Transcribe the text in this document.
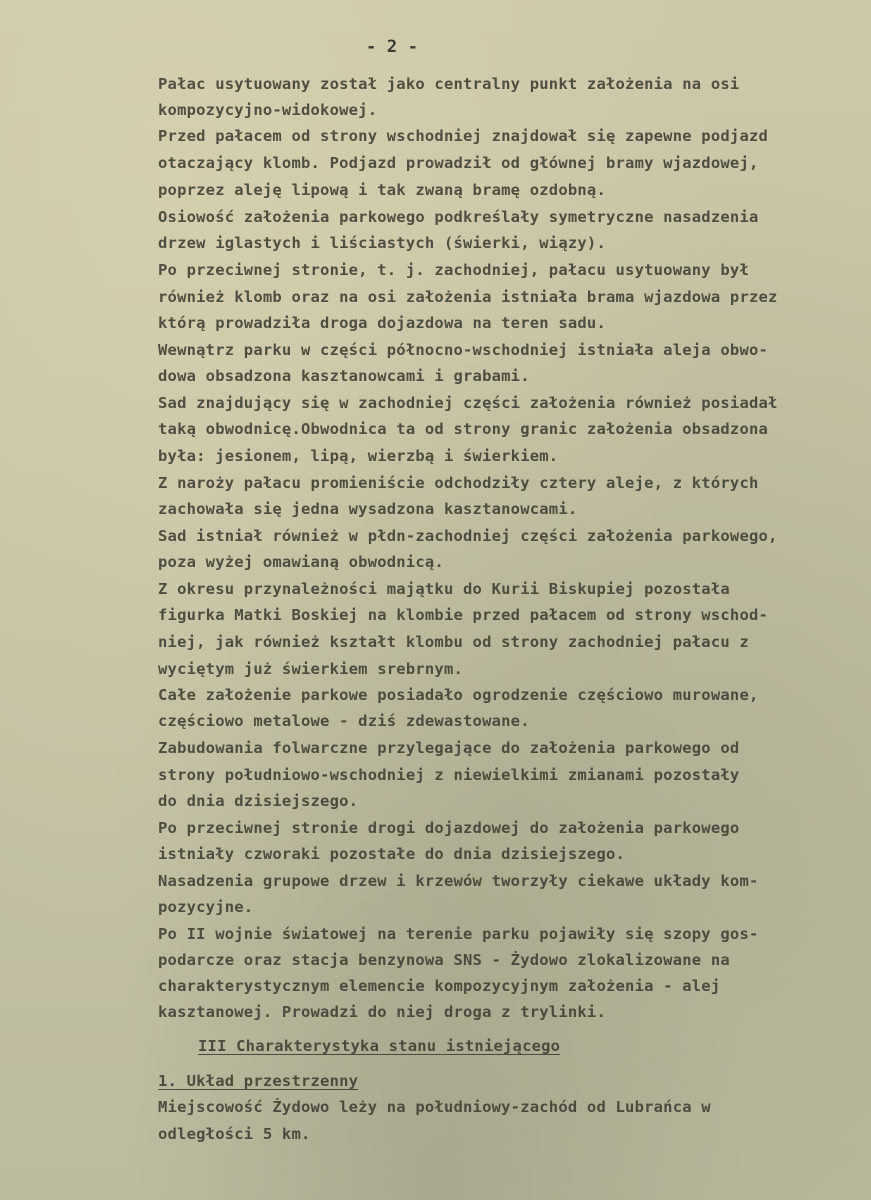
- 2 -
Pałac usytuowany został jako centralny punkt założenia na osi
kompozycyjno-widokowej.
Przed pałacem od strony wschodniej znajdował się zapewne podjazd
otaczający klomb. Podjazd prowadził od głównej bramy wjazdowej,
poprzez aleję lipową i tak zwaną bramę ozdobną.
Osiowość założenia parkowego podkreślały symetryczne nasadzenia
drzew iglastych i liściastych (świerki, wiązy).
Po przeciwnej stronie, t. j. zachodniej, pałacu usytuowany był
również klomb oraz na osi założenia istniała brama wjazdowa przez
którą prowadziła droga dojazdowa na teren sadu.
Wewnątrz parku w części północno-wschodniej istniała aleja obwo-
dowa obsadzona kasztanowcami i grabami.
Sad znajdujący się w zachodniej części założenia również posiadał
taką obwodnicę.Obwodnica ta od strony granic założenia obsadzona
była: jesionem, lipą, wierzbą i świerkiem.
Z naroży pałacu promieniście odchodziły cztery aleje, z których
zachowała się jedna wysadzona kasztanowcami.
Sad istniał również w płdn-zachodniej części założenia parkowego,
poza wyżej omawianą obwodnicą.
Z okresu przynależności majątku do Kurii Biskupiej pozostała
figurka Matki Boskiej na klombie przed pałacem od strony wschod-
niej, jak również kształt klombu od strony zachodniej pałacu z
wyciętym już świerkiem srebrnym.
Całe założenie parkowe posiadało ogrodzenie częściowo murowane,
częściowo metalowe - dziś zdewastowane.
Zabudowania folwarczne przylegające do założenia parkowego od
strony południowo-wschodniej z niewielkimi zmianami pozostały
do dnia dzisiejszego.
Po przeciwnej stronie drogi dojazdowej do założenia parkowego
istniały czworaki pozostałe do dnia dzisiejszego.
Nasadzenia grupowe drzew i krzewów tworzyły ciekawe układy kom-
pozycyjne.
Po II wojnie światowej na terenie parku pojawiły się szopy gos-
podarcze oraz stacja benzynowa SNS - Żydowo zlokalizowane na
charakterystycznym elemencie kompozycyjnym założenia - alej
kasztanowej. Prowadzi do niej droga z trylinki.
III Charakterystyka stanu istniejącego
1. Układ przestrzenny
Miejscowość Żydowo leży na południowy-zachód od Lubrańca w
odległości 5 km.
